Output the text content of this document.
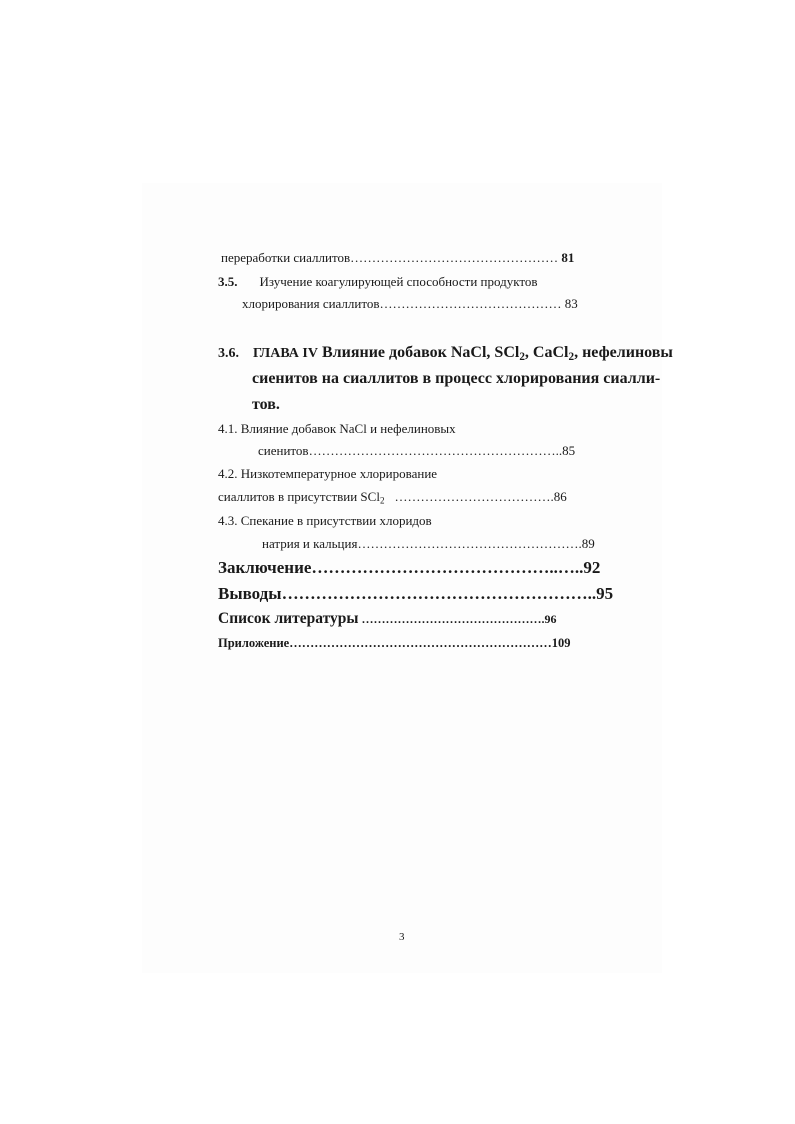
переработки сиаллитов………………………………………… 81
3.5. Изучение коагулирующей способности продуктов
хлорирования сиаллитов…………………………………… 83
3.6. ГЛАВА IV Влияние добавок NaCl, SCl$_2$, CaCl$_2$, нефелиновы
сиенитов на сиаллитов в процесс хлорирования сиалли-
тов.
4.1. Влияние добавок NaCl и нефелиновых
сиенитов…………………………………………………..85
4.2. Низкотемпературное хлорирование
сиаллитов в присутствии SCl$_2$ ……………………………….86
4.3. Спекание в присутствии хлоридов
натрия и кальция…………………………………………….89
Заключение……………………………………..…..92
Выводы………………………………………………..95
Список литературы ……………………………………….96
Приложение………………………………………………………109
3
